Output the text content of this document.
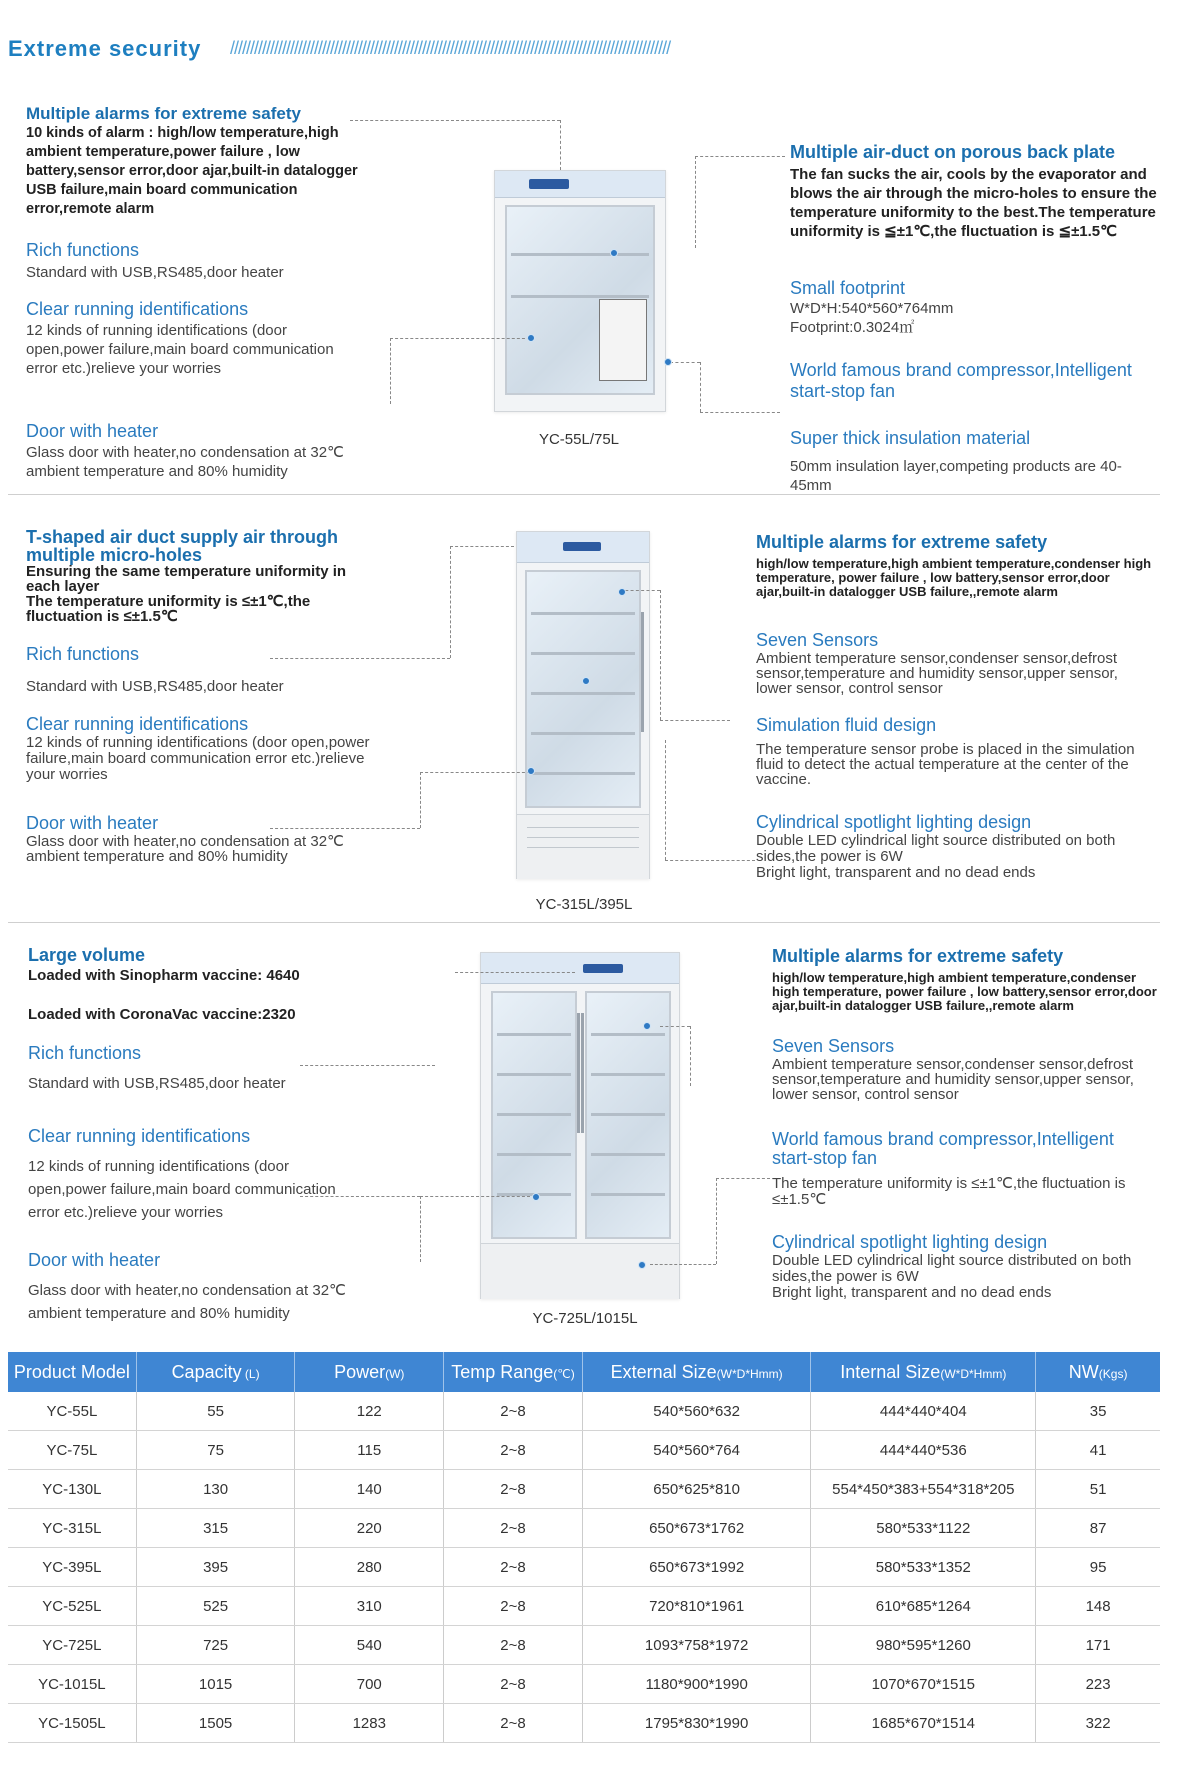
Extreme security //////////////////////////////////////////////////////////////////////////////////////////////////////////////

Multiple alarms for extreme safety

10 kinds of alarm : high/low temperature,high ambient temperature,power failure , low battery,sensor error,door ajar,built-in datalogger USB failure,main board communication error,remote alarm

Rich functions

Standard with USB,RS485,door heater

Clear running identifications

12 kinds of running identifications (door open,power failure,main board communication error etc.)relieve your worries

Door with heater

Glass door with heater,no condensation at 32℃ ambient temperature and 80% humidity

Multiple air-duct on porous back plate

The fan sucks the air, cools by the evaporator and blows the air through the micro-holes to ensure the temperature uniformity to the best.The temperature uniformity is ≦±1℃,the fluctuation is ≦±1.5℃

Small footprint

W*D*H:540*560*764mm

Footprint:0.3024㎡

World famous brand compressor,Intelligent start-stop fan

Super thick insulation material

50mm insulation layer,competing products are 40-45mm

YC-55L/75L

T-shaped air duct supply air through multiple micro-holes

Ensuring the same temperature uniformity in each layer

The temperature uniformity is ≤±1℃,the fluctuation is ≤±1.5℃

Rich functions

Standard with USB,RS485,door heater

Clear running identifications

12 kinds of running identifications (door open,power failure,main board communication error etc.)relieve your worries

Door with heater

Glass door with heater,no condensation at 32℃ ambient temperature and 80% humidity

Multiple alarms for extreme safety

high/low temperature,high ambient temperature,condenser high temperature, power failure , low battery,sensor error,door ajar,built-in datalogger USB failure,,remote alarm

Seven Sensors

Ambient temperature sensor,condenser sensor,defrost sensor,temperature and humidity sensor,upper sensor, lower sensor, control sensor

Simulation fluid design

The temperature sensor probe is placed in the simulation fluid to detect the actual temperature at the center of the vaccine.

Cylindrical spotlight lighting design

Double LED cylindrical light source distributed on both sides,the power is 6W

Bright light, transparent and no dead ends

YC-315L/395L

Large volume

Loaded with Sinopharm vaccine: 4640

Loaded with CoronaVac vaccine:2320

Rich functions

Standard with USB,RS485,door heater

Clear running identifications

12 kinds of running identifications (door open,power failure,main board communication error etc.)relieve your worries

Door with heater

Glass door with heater,no condensation at 32℃ ambient temperature and 80% humidity

Multiple alarms for extreme safety

high/low temperature,high ambient temperature,condenser high temperature, power failure , low battery,sensor error,door ajar,built-in datalogger USB failure,,remote alarm

Seven Sensors

Ambient temperature sensor,condenser sensor,defrost sensor,temperature and humidity sensor,upper sensor, lower sensor, control sensor

World famous brand compressor,Intelligent start-stop fan

The temperature uniformity is ≤±1℃,the fluctuation is ≤±1.5℃

Cylindrical spotlight lighting design

Double LED cylindrical light source distributed on both sides,the power is 6W

Bright light, transparent and no dead ends

YC-725L/1015L
Product Model	Capacity (L)	Power(W)	Temp Range(℃)	External Size(W*D*Hmm)	Internal Size(W*D*Hmm)	NW(Kgs)
YC-55L	55	122	2~8	540*560*632	444*440*404	35
YC-75L	75	115	2~8	540*560*764	444*440*536	41
YC-130L	130	140	2~8	650*625*810	554*450*383+554*318*205	51
YC-315L	315	220	2~8	650*673*1762	580*533*1122	87
YC-395L	395	280	2~8	650*673*1992	580*533*1352	95
YC-525L	525	310	2~8	720*810*1961	610*685*1264	148
YC-725L	725	540	2~8	1093*758*1972	980*595*1260	171
YC-1015L	1015	700	2~8	1180*900*1990	1070*670*1515	223
YC-1505L	1505	1283	2~8	1795*830*1990	1685*670*1514	322
